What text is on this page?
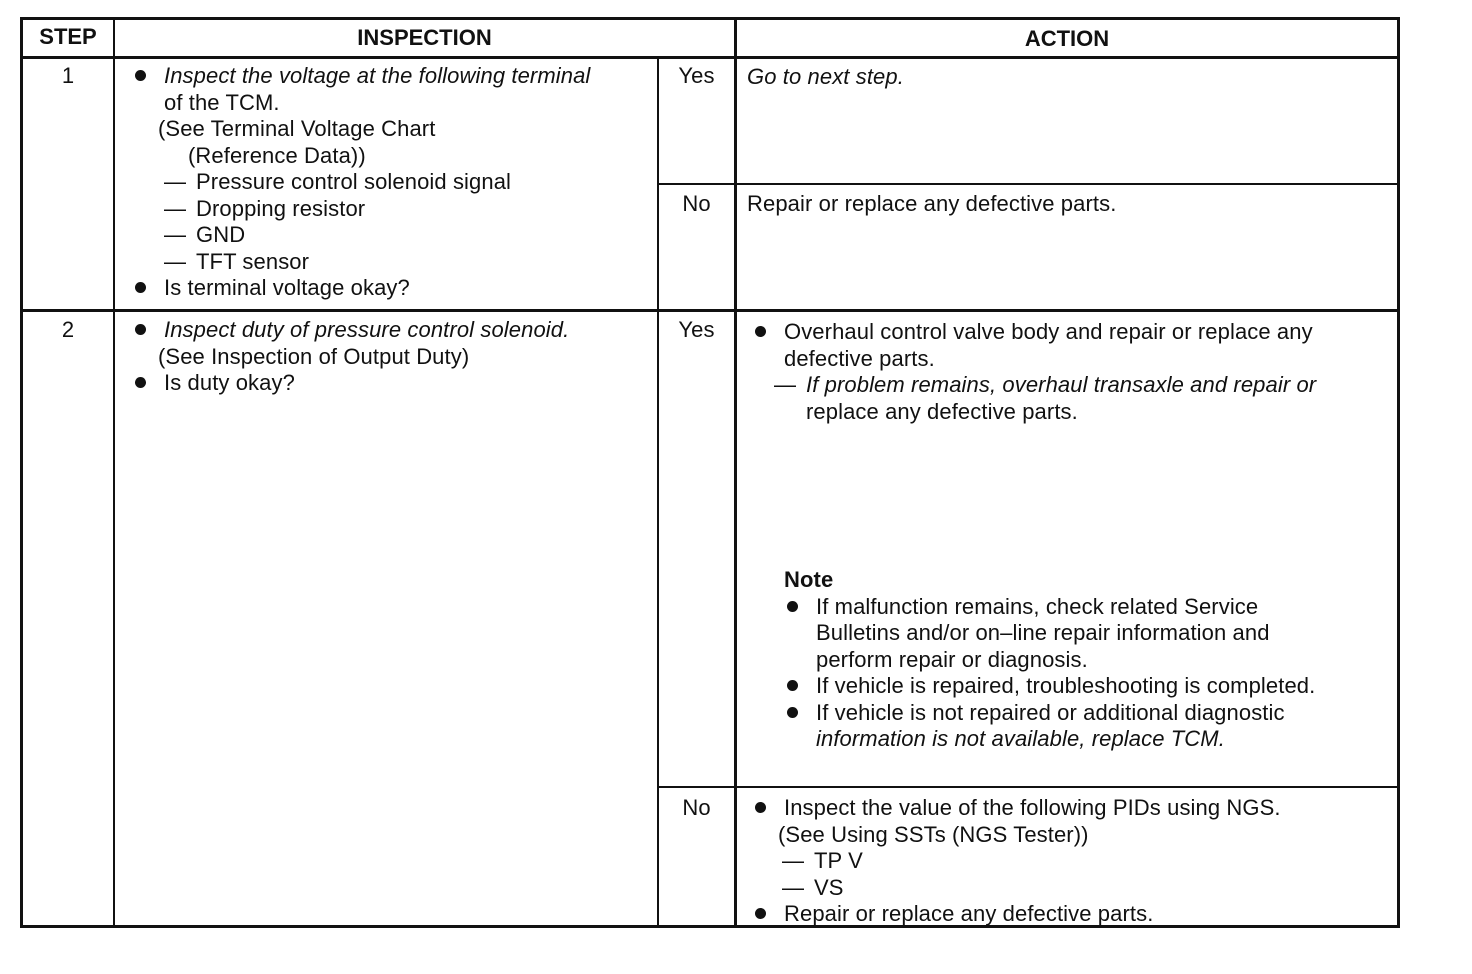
STEP	INSPECTION	ACTION
1	Inspect the voltage at the following terminal
of the TCM.
(See Terminal Voltage Chart
(Reference Data))
— Pressure control solenoid signal
— Dropping resistor
— GND
— TFT sensor
Is terminal voltage okay?
Yes	Go to next step.
No	Repair or replace any defective parts.
2	Inspect duty of pressure control solenoid.
(See Inspection of Output Duty)
Is duty okay?
Yes	Overhaul control valve body and repair or replace any
defective parts.
— If problem remains, overhaul transaxle and repair or
replace any defective parts.
Note
If malfunction remains, check related Service
Bulletins and/or on–line repair information and
perform repair or diagnosis.
If vehicle is repaired, troubleshooting is completed.
If vehicle is not repaired or additional diagnostic
information is not available, replace TCM.
No	Inspect the value of the following PIDs using NGS.
(See Using SSTs (NGS Tester))
— TP V
— VS
Repair or replace any defective parts.
